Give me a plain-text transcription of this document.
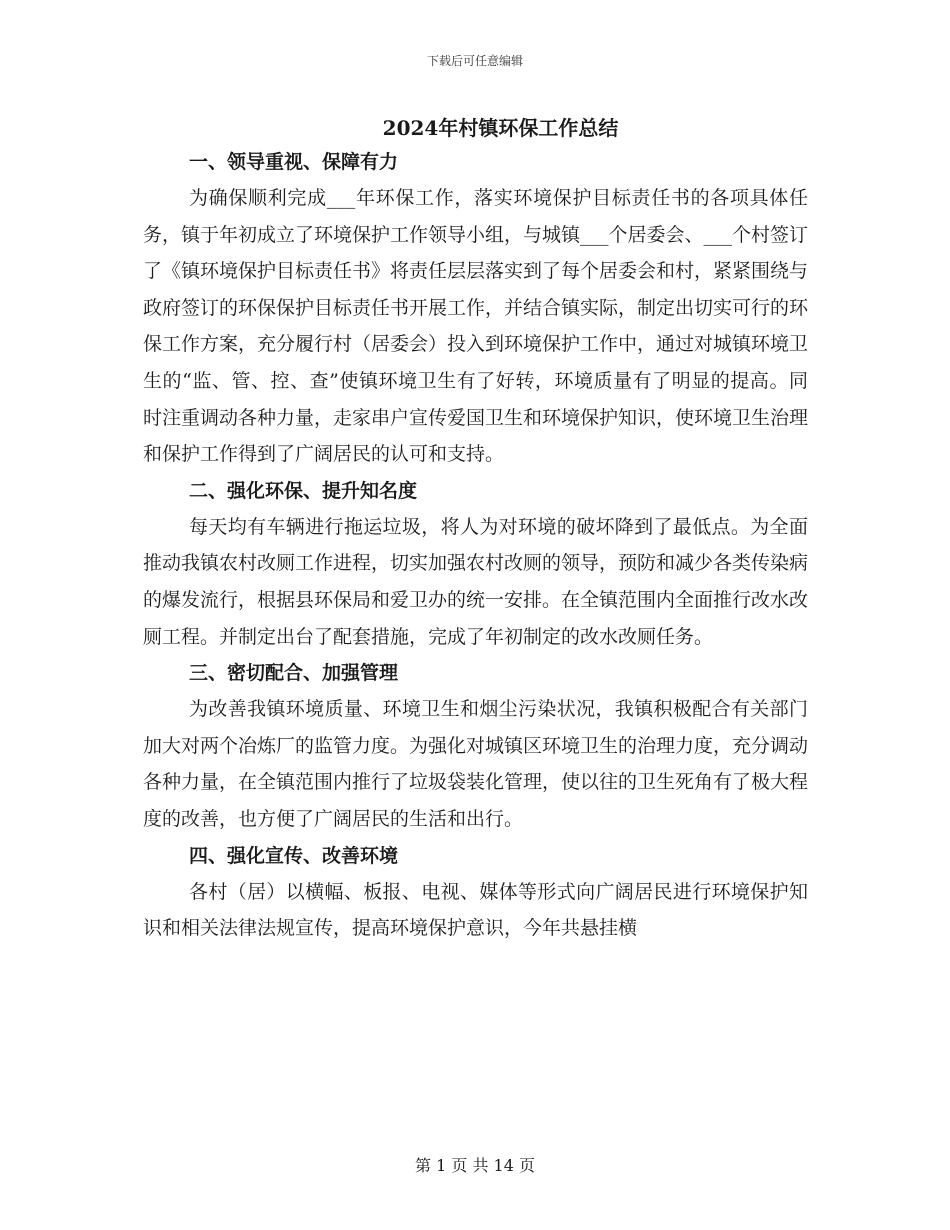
下载后可任意编辑
2024年村镇环保工作总结

一、领导重视、保障有力

为确保顺利完成___年环保工作，落实环境保护目标责任书的各项具体任务，镇于年初成立了环境保护工作领导小组，与城镇___个居委会、___个村签订了《镇环境保护目标责任书》将责任层层落实到了每个居委会和村，紧紧围绕与政府签订的环保保护目标责任书开展工作，并结合镇实际，制定出切实可行的环保工作方案，充分履行村（居委会）投入到环境保护工作中，通过对城镇环境卫生的“监、管、控、查”使镇环境卫生有了好转，环境质量有了明显的提高。同时注重调动各种力量，走家串户宣传爱国卫生和环境保护知识，使环境卫生治理和保护工作得到了广阔居民的认可和支持。

二、强化环保、提升知名度

每天均有车辆进行拖运垃圾，将人为对环境的破坏降到了最低点。为全面推动我镇农村改厕工作进程，切实加强农村改厕的领导，预防和减少各类传染病的爆发流行，根据县环保局和爱卫办的统一安排。在全镇范围内全面推行改水改厕工程。并制定出台了配套措施，完成了年初制定的改水改厕任务。

三、密切配合、加强管理

为改善我镇环境质量、环境卫生和烟尘污染状况，我镇积极配合有关部门加大对两个冶炼厂的监管力度。为强化对城镇区环境卫生的治理力度，充分调动各种力量，在全镇范围内推行了垃圾袋装化管理，使以往的卫生死角有了极大程度的改善，也方便了广阔居民的生活和出行。

四、强化宣传、改善环境

各村（居）以横幅、板报、电视、媒体等形式向广阔居民进行环境保护知识和相关法律法规宣传，提高环境保护意识，今年共悬挂横

第 1 页 共 14 页
